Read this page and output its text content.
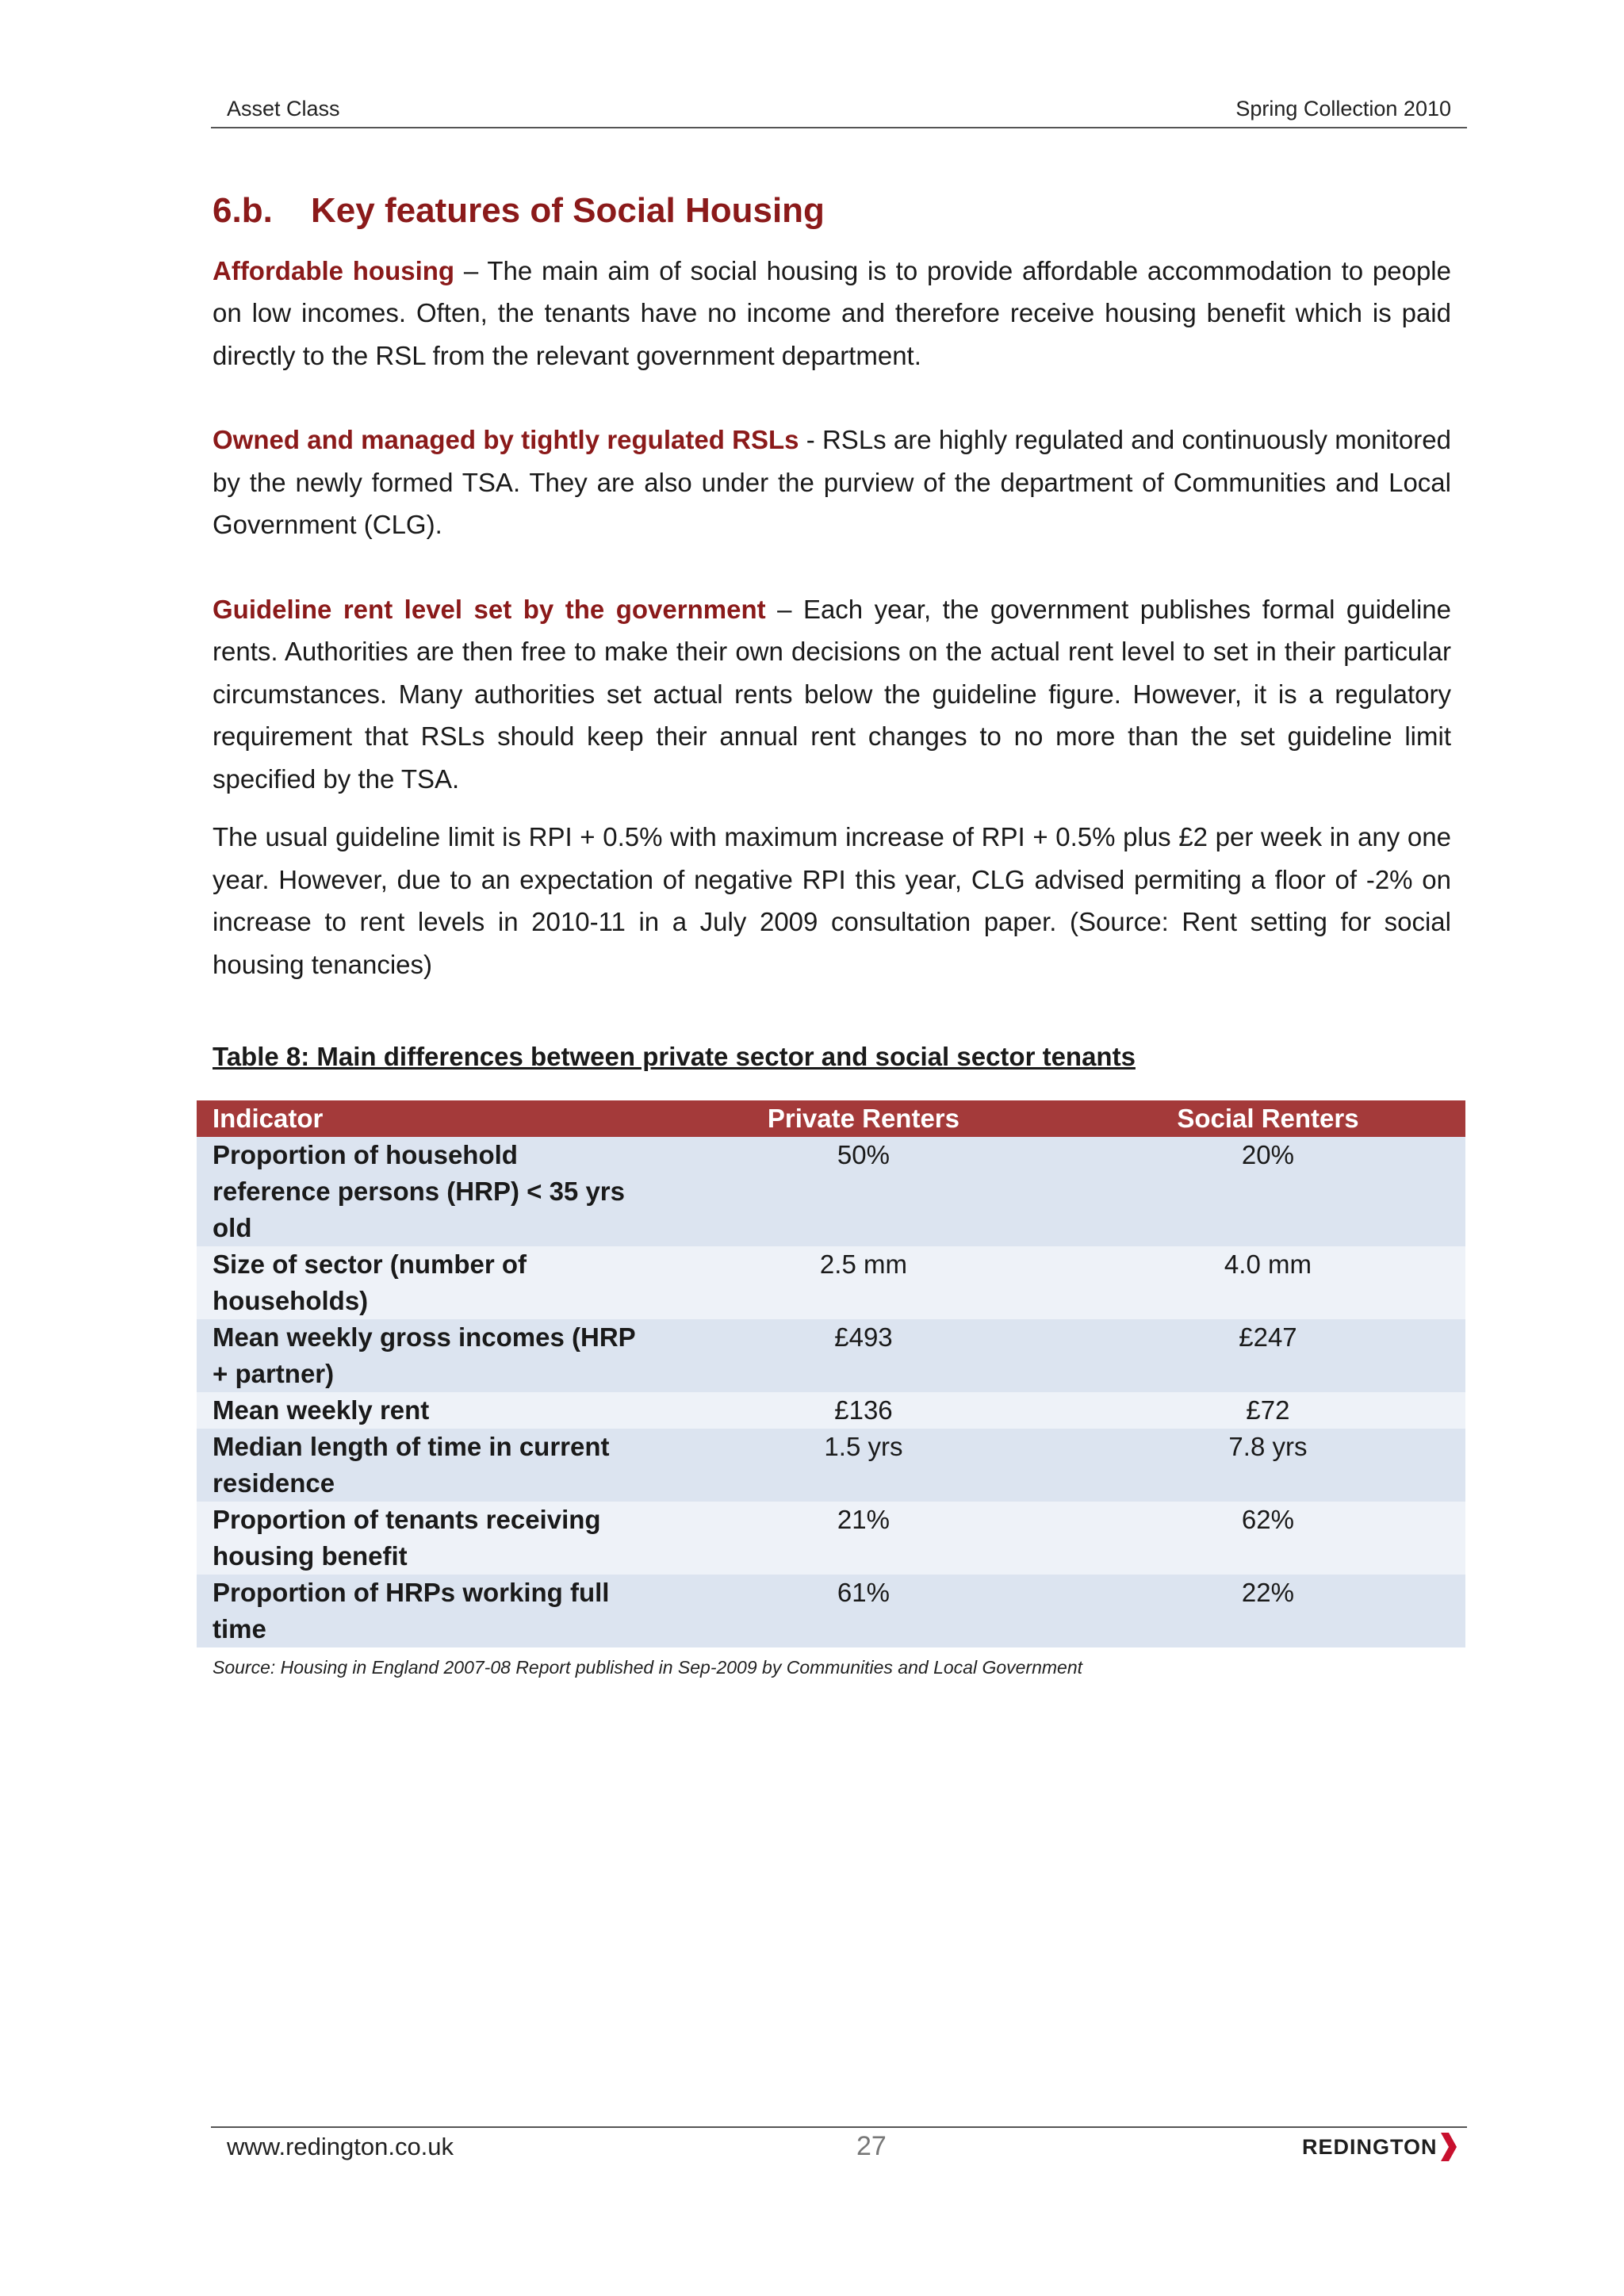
Asset Class	Spring Collection 2010
6.b. Key features of Social Housing

Affordable housing – The main aim of social housing is to provide affordable accommodation to people on low incomes. Often, the tenants have no income and therefore receive housing benefit which is paid directly to the RSL from the relevant government department.

Owned and managed by tightly regulated RSLs - RSLs are highly regulated and continuously monitored by the newly formed TSA. They are also under the purview of the department of Communities and Local Government (CLG).

Guideline rent level set by the government – Each year, the government publishes formal guideline rents. Authorities are then free to make their own decisions on the actual rent level to set in their particular circumstances. Many authorities set actual rents below the guideline figure. However, it is a regulatory requirement that RSLs should keep their annual rent changes to no more than the set guideline limit specified by the TSA.

The usual guideline limit is RPI + 0.5% with maximum increase of RPI + 0.5% plus £2 per week in any one year. However, due to an expectation of negative RPI this year, CLG advised permiting a floor of -2% on increase to rent levels in 2010-11 in a July 2009 consultation paper. (Source: Rent setting for social housing tenancies)

Table 8: Main differences between private sector and social sector tenants
Indicator	Private Renters	Social Renters
Proportion of household reference persons (HRP) < 35 yrs old	50%	20%
Size of sector (number of households)	2.5 mm	4.0 mm
Mean weekly gross incomes (HRP + partner)	£493	£247
Mean weekly rent	£136	£72
Median length of time in current residence	1.5 yrs	7.8 yrs
Proportion of tenants receiving housing benefit	21%	62%
Proportion of HRPs working full time	61%	22%
Source: Housing in England 2007-08 Report published in Sep-2009 by Communities and Local Government
www.redington.co.uk	27	REDINGTON
